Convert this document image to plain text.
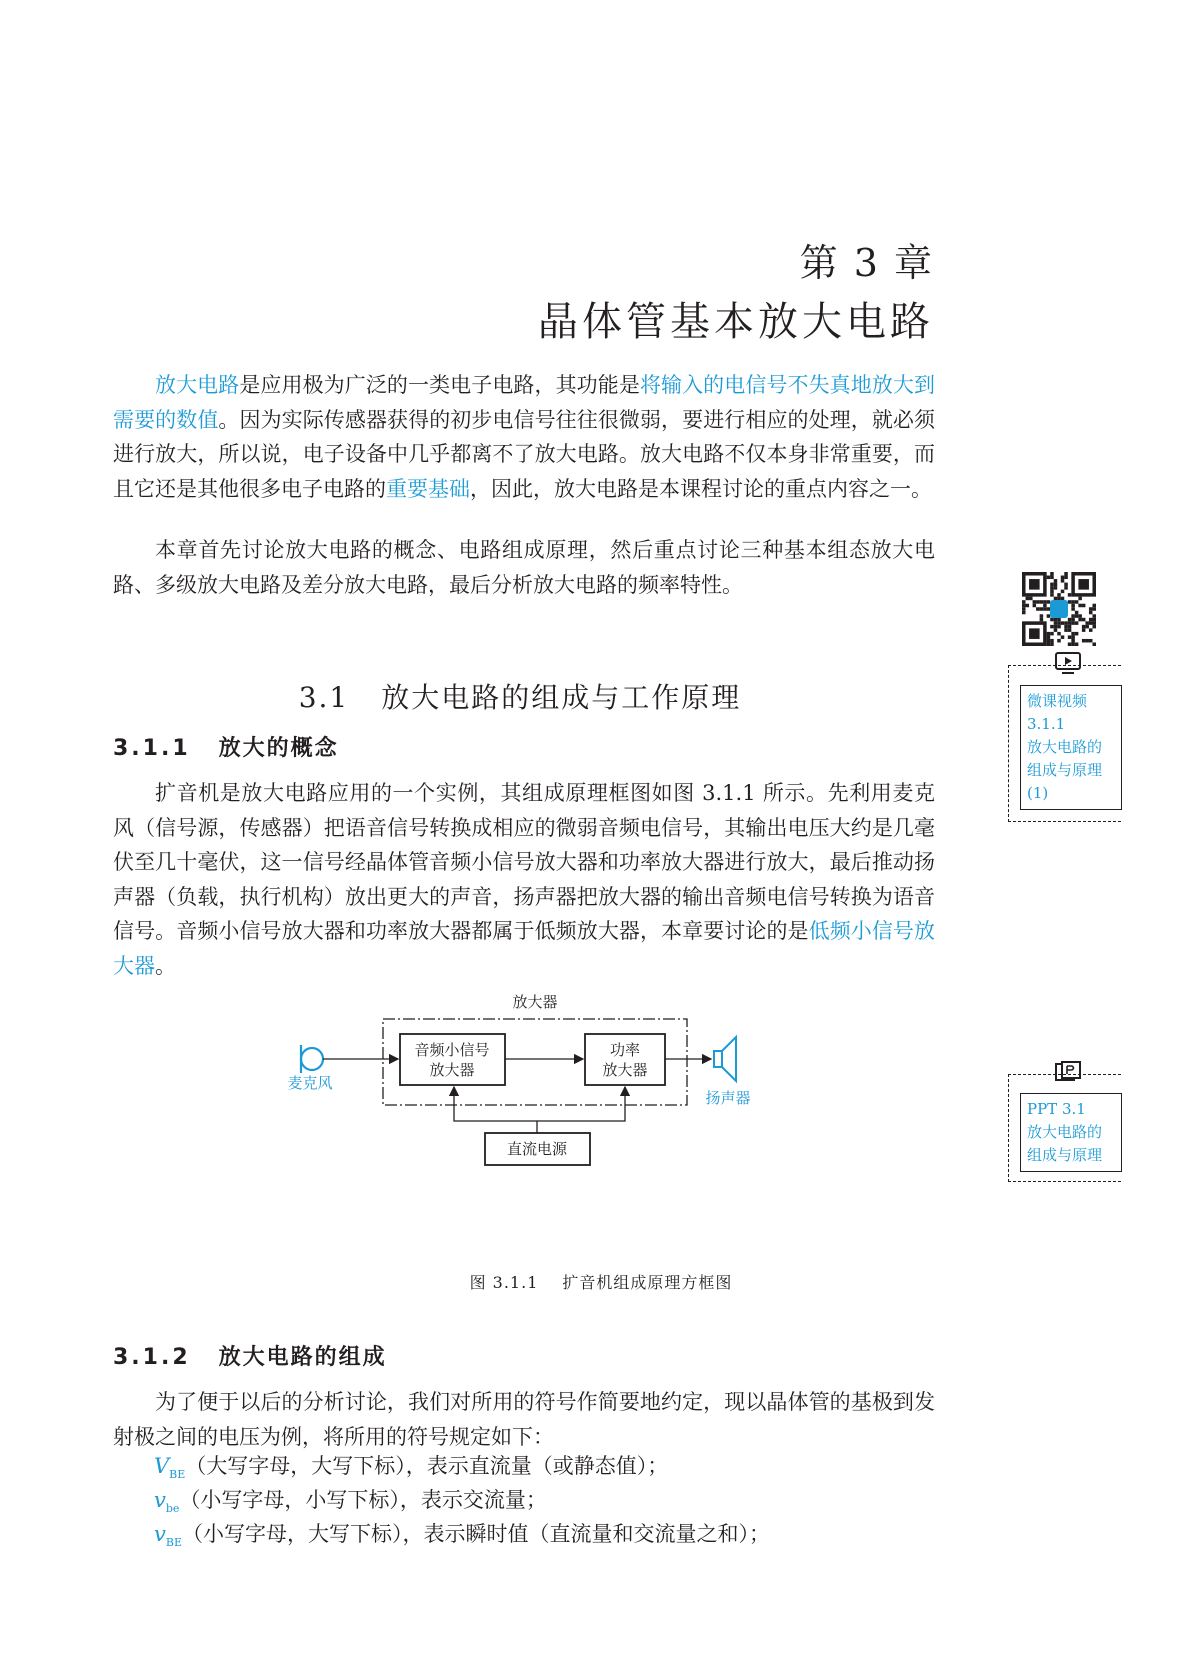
第 3 章
晶体管基本放大电路
放大电路是应用极为广泛的一类电子电路，其功能是将输入的电信号不失真地放大到需要的数值。因为实际传感器获得的初步电信号往往很微弱，要进行相应的处理，就必须进行放大，所以说，电子设备中几乎都离不了放大电路。放大电路不仅本身非常重要，而且它还是其他很多电子电路的重要基础，因此，放大电路是本课程讨论的重点内容之一。
本章首先讨论放大电路的概念、电路组成原理，然后重点讨论三种基本组态放大电路、多级放大电路及差分放大电路，最后分析放大电路的频率特性。
3.1 放大电路的组成与工作原理
3.1.1 放大的概念
扩音机是放大电路应用的一个实例，其组成原理框图如图 3.1.1 所示。先利用麦克风（信号源，传感器）把语音信号转换成相应的微弱音频电信号，其输出电压大约是几毫伏至几十毫伏，这一信号经晶体管音频小信号放大器和功率放大器进行放大，最后推动扬声器（负载，执行机构）放出更大的声音，扬声器把放大器的输出音频电信号转换为语音信号。音频小信号放大器和功率放大器都属于低频放大器，本章要讨论的是低频小信号放大器。
放大器
音频小信号
放大器
功率
放大器
直流电源
麦克风
扬声器
图 3.1.1 扩音机组成原理方框图
3.1.2 放大电路的组成
为了便于以后的分析讨论，我们对所用的符号作简要地约定，现以晶体管的基极到发射极之间的电压为例，将所用的符号规定如下：
$V_{BE}$（大写字母，大写下标），表示直流量（或静态值）；
$v_{be}$（小写字母，小写下标），表示交流量；
$v_{BE}$（小写字母，大写下标），表示瞬时值（直流量和交流量之和）；
微课视频
3.1.1
放大电路的
组成与原理
(1)
PPT 3.1
放大电路的
组成与原理
